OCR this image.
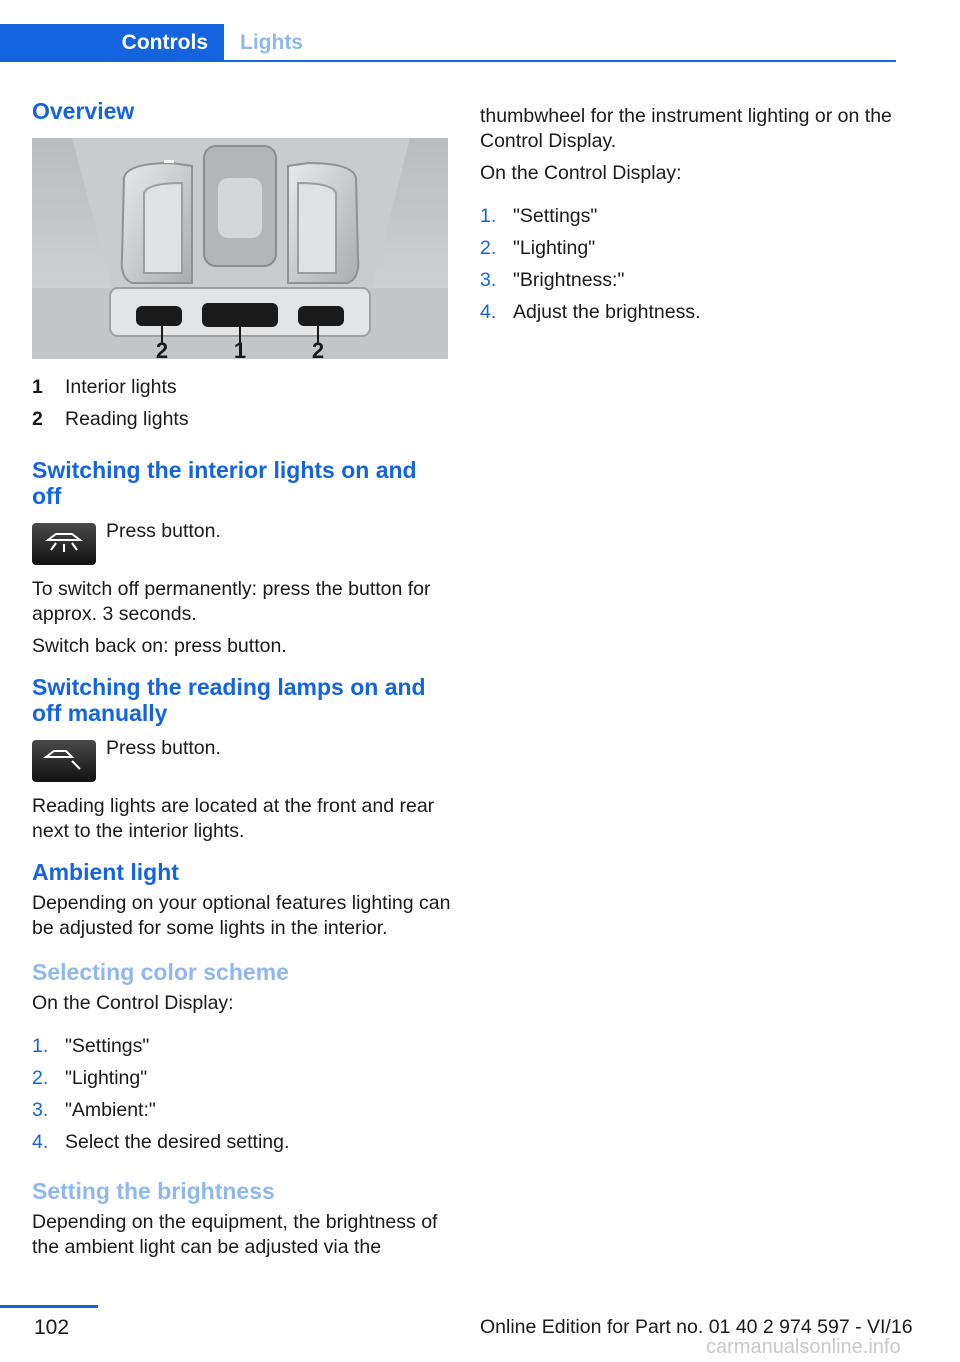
Controls	Lights
Overview
2	1	2
1	Interior lights
2	Reading lights
Switching the interior lights on and off
Press button.
To switch off permanently: press the button for approx. 3 seconds.
Switch back on: press button.
Switching the reading lamps on and off manually
Press button.
Reading lights are located at the front and rear next to the interior lights.
Ambient light
Depending on your optional features lighting can be adjusted for some lights in the interior.
Selecting color scheme
On the Control Display:
1. "Settings"
2. "Lighting"
3. "Ambient:"
4. Select the desired setting.
Setting the brightness
Depending on the equipment, the brightness of the ambient light can be adjusted via the
thumbwheel for the instrument lighting or on the Control Display.
On the Control Display:
1. "Settings"
2. "Lighting"
3. "Brightness:"
4. Adjust the brightness.
102	Online Edition for Part no. 01 40 2 974 597 - VI/16
carmanualsonline.info
